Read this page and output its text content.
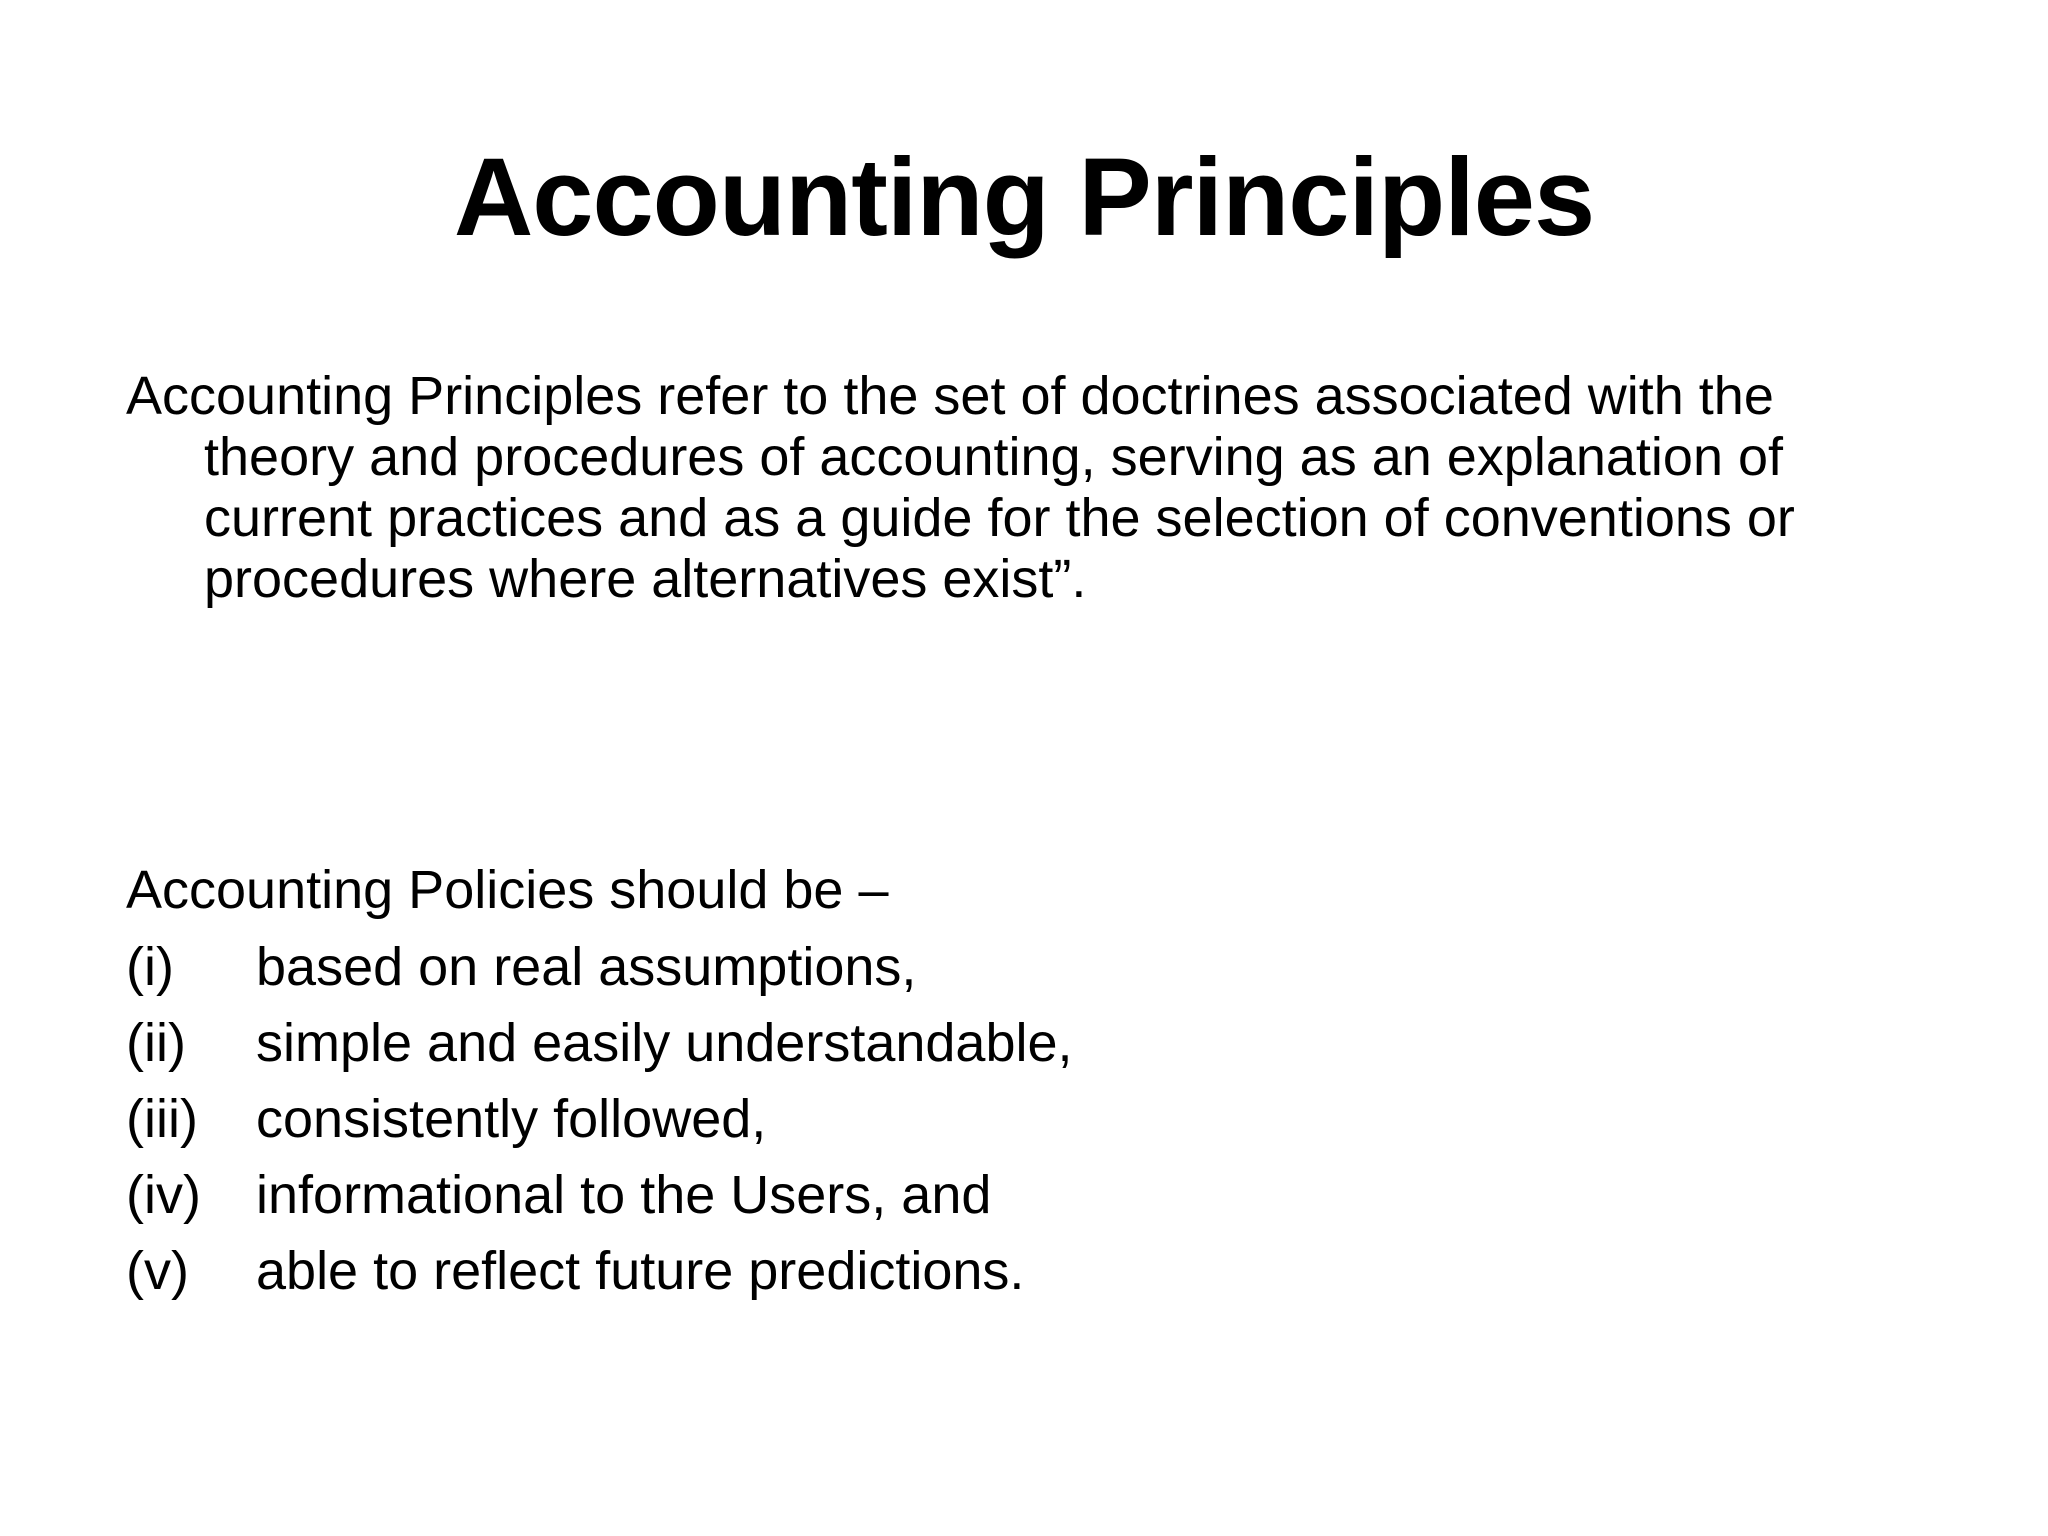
Accounting Principles

Accounting Principles refer to the set of doctrines associated with the theory and procedures of accounting, serving as an explanation of current practices and as a guide for the selection of conventions or procedures where alternatives exist”.

Accounting Policies should be –

(i)	based on real assumptions,
(ii)	simple and easily understandable,
(iii)	consistently followed,
(iv)	informational to the Users, and
(v)	able to reflect future predictions.
